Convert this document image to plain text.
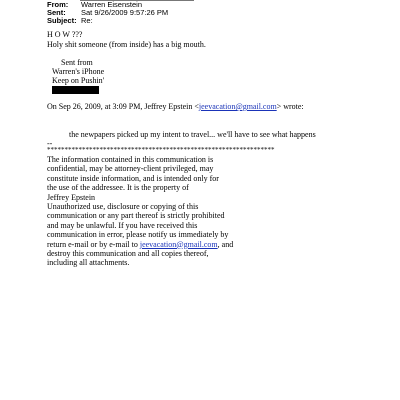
From: Warren Eisenstein
Sent: Sat 9/26/2009 9:57:26 PM
Subject: Re:
H O W ???
Holy shit someone (from inside) has a big mouth.
Sent from
Warren's iPhone
Keep on Pushin'
On Sep 26, 2009, at 3:09 PM, Jeffrey Epstein <jeevacation@gmail.com> wrote:
the newpapers picked up my intent to travel... we'll have to see what happens
--
*****************************************************************
The information contained in this communication is
confidential, may be attorney-client privileged, may
constitute inside information, and is intended only for
the use of the addressee. It is the property of
Jeffrey Epstein
Unauthorized use, disclosure or copying of this
communication or any part thereof is strictly prohibited
and may be unlawful. If you have received this
communication in error, please notify us immediately by
return e-mail or by e-mail to jeevacation@gmail.com, and
destroy this communication and all copies thereof,
including all attachments.
